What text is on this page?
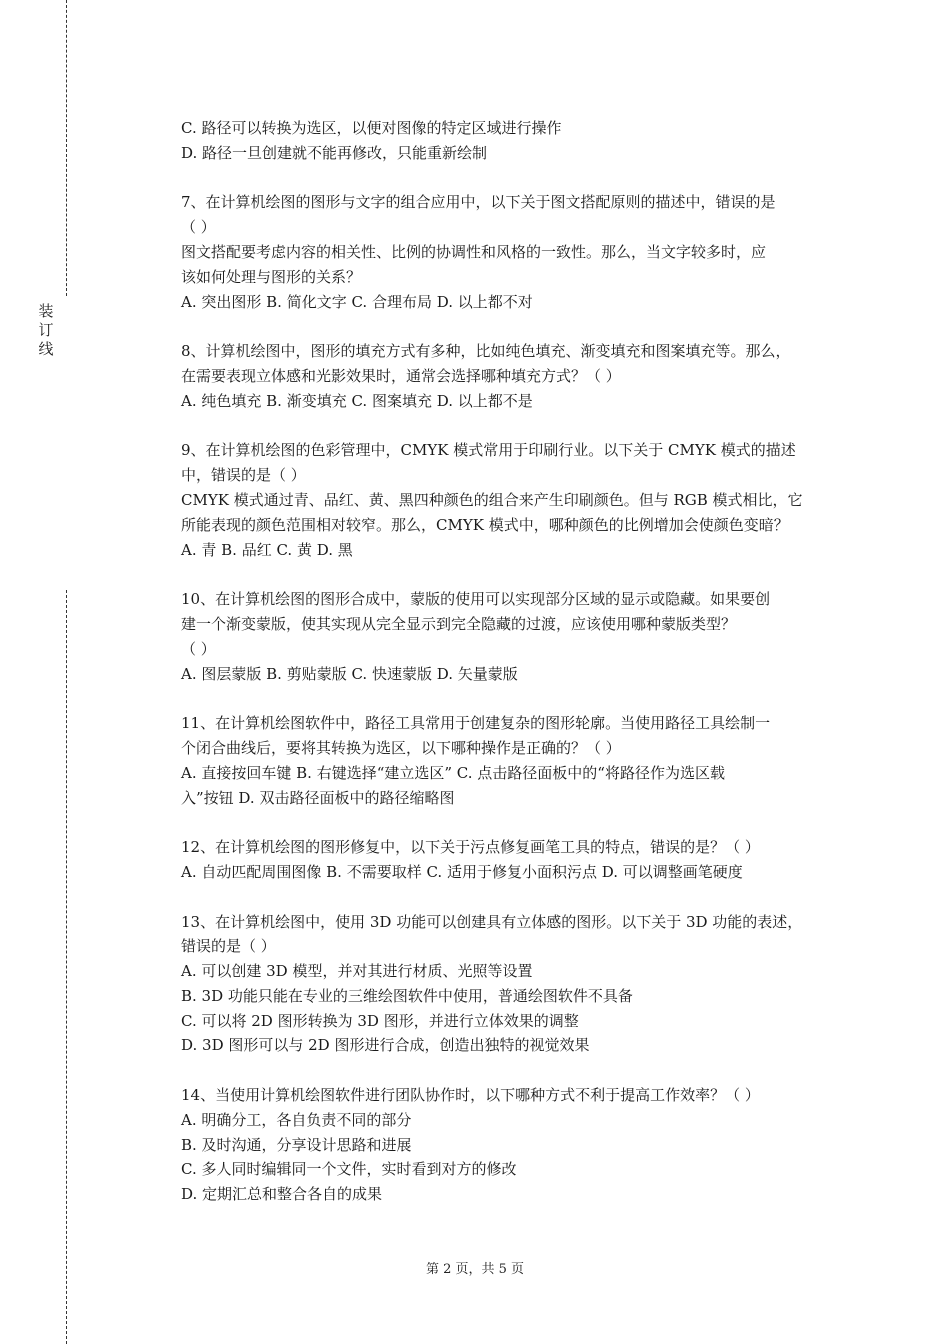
装
订
线
C. 路径可以转换为选区，以便对图像的特定区域进行操作
D. 路径一旦创建就不能再修改，只能重新绘制
7、在计算机绘图的图形与文字的组合应用中，以下关于图文搭配原则的描述中，错误的是
（ ）
图文搭配要考虑内容的相关性、比例的协调性和风格的一致性。那么，当文字较多时，应
该如何处理与图形的关系？
A. 突出图形 B. 简化文字 C. 合理布局 D. 以上都不对
8、计算机绘图中，图形的填充方式有多种，比如纯色填充、渐变填充和图案填充等。那么，
在需要表现立体感和光影效果时，通常会选择哪种填充方式？（ ）
A. 纯色填充 B. 渐变填充 C. 图案填充 D. 以上都不是
9、在计算机绘图的色彩管理中，CMYK 模式常用于印刷行业。以下关于 CMYK 模式的描述
中，错误的是（ ）
CMYK 模式通过青、品红、黄、黑四种颜色的组合来产生印刷颜色。但与 RGB 模式相比，它
所能表现的颜色范围相对较窄。那么，CMYK 模式中，哪种颜色的比例增加会使颜色变暗？
A. 青 B. 品红 C. 黄 D. 黑
10、在计算机绘图的图形合成中，蒙版的使用可以实现部分区域的显示或隐藏。如果要创
建一个渐变蒙版，使其实现从完全显示到完全隐藏的过渡，应该使用哪种蒙版类型？
（ ）
A. 图层蒙版 B. 剪贴蒙版 C. 快速蒙版 D. 矢量蒙版
11、在计算机绘图软件中，路径工具常用于创建复杂的图形轮廓。当使用路径工具绘制一
个闭合曲线后，要将其转换为选区，以下哪种操作是正确的？（ ）
A. 直接按回车键 B. 右键选择“建立选区” C. 点击路径面板中的“将路径作为选区载
入”按钮 D. 双击路径面板中的路径缩略图
12、在计算机绘图的图形修复中，以下关于污点修复画笔工具的特点，错误的是？（ ）
A. 自动匹配周围图像 B. 不需要取样 C. 适用于修复小面积污点 D. 可以调整画笔硬度
13、在计算机绘图中，使用 3D 功能可以创建具有立体感的图形。以下关于 3D 功能的表述，
错误的是（ ）
A. 可以创建 3D 模型，并对其进行材质、光照等设置
B. 3D 功能只能在专业的三维绘图软件中使用，普通绘图软件不具备
C. 可以将 2D 图形转换为 3D 图形，并进行立体效果的调整
D. 3D 图形可以与 2D 图形进行合成，创造出独特的视觉效果
14、当使用计算机绘图软件进行团队协作时，以下哪种方式不利于提高工作效率？（ ）
A. 明确分工，各自负责不同的部分
B. 及时沟通，分享设计思路和进展
C. 多人同时编辑同一个文件，实时看到对方的修改
D. 定期汇总和整合各自的成果
第 2 页，共 5 页
